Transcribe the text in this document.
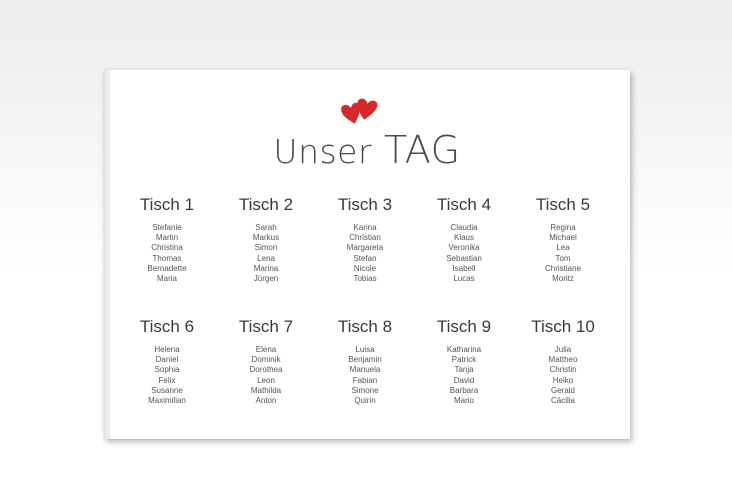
Unser TAG
Tisch 1
Stefanie
Martin
Christina
Thomas
Bernadette
Maria
Tisch 2
Sarah
Markus
Simon
Lena
Marina
Jürgen
Tisch 3
Karina
Christian
Margareta
Stefan
Nicole
Tobias
Tisch 4
Claudia
Klaus
Veronika
Sebastian
Isabell
Lucas
Tisch 5
Regina
Michael
Lea
Tom
Christiane
Moritz
Tisch 6
Helena
Daniel
Sophia
Felix
Susanne
Maximilian
Tisch 7
Elena
Dominik
Dorothea
Leon
Mathilda
Anton
Tisch 8
Luisa
Benjamin
Manuela
Fabian
Simone
Quirin
Tisch 9
Katharina
Patrick
Tanja
David
Barbara
Mario
Tisch 10
Julia
Mattheo
Christin
Heiko
Gerald
Cäcilia
